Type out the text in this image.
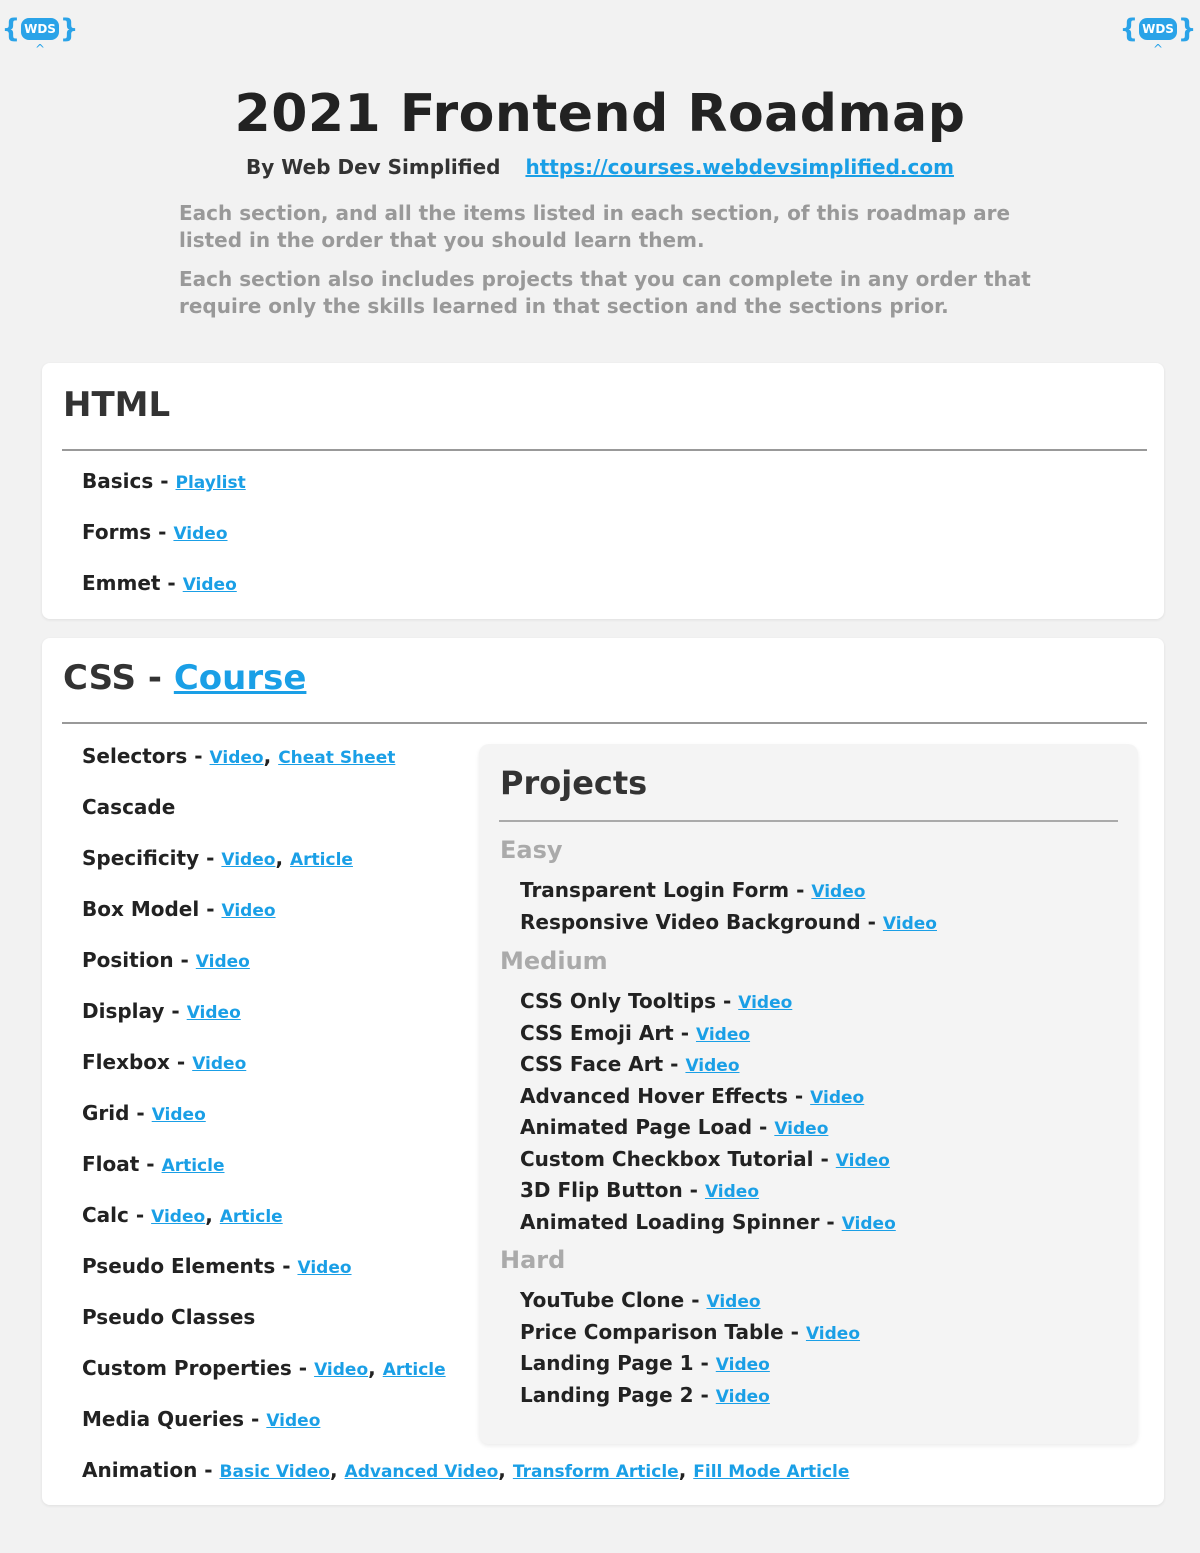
{ WDS }
^
{ WDS }
^
2021 Frontend Roadmap
By Web Dev Simplified https://courses.webdevsimplified.com

Each section, and all the items listed in each section, of this roadmap are listed in the order that you should learn them.

Each section also includes projects that you can complete in any order that require only the skills learned in that section and the sections prior.

HTML
Basics - Playlist
Forms - Video
Emmet - Video
CSS - Course
Selectors - Video, Cheat Sheet
Cascade
Specificity - Video, Article
Box Model - Video
Position - Video
Display - Video
Flexbox - Video
Grid - Video
Float - Article
Calc - Video, Article
Pseudo Elements - Video
Pseudo Classes
Custom Properties - Video, Article
Media Queries - Video
Animation - Basic Video, Advanced Video, Transform Article, Fill Mode Article
Projects
Easy
Transparent Login Form - Video
Responsive Video Background - Video
Medium
CSS Only Tooltips - Video
CSS Emoji Art - Video
CSS Face Art - Video
Advanced Hover Effects - Video
Animated Page Load - Video
Custom Checkbox Tutorial - Video
3D Flip Button - Video
Animated Loading Spinner - Video
Hard
YouTube Clone - Video
Price Comparison Table - Video
Landing Page 1 - Video
Landing Page 2 - Video
